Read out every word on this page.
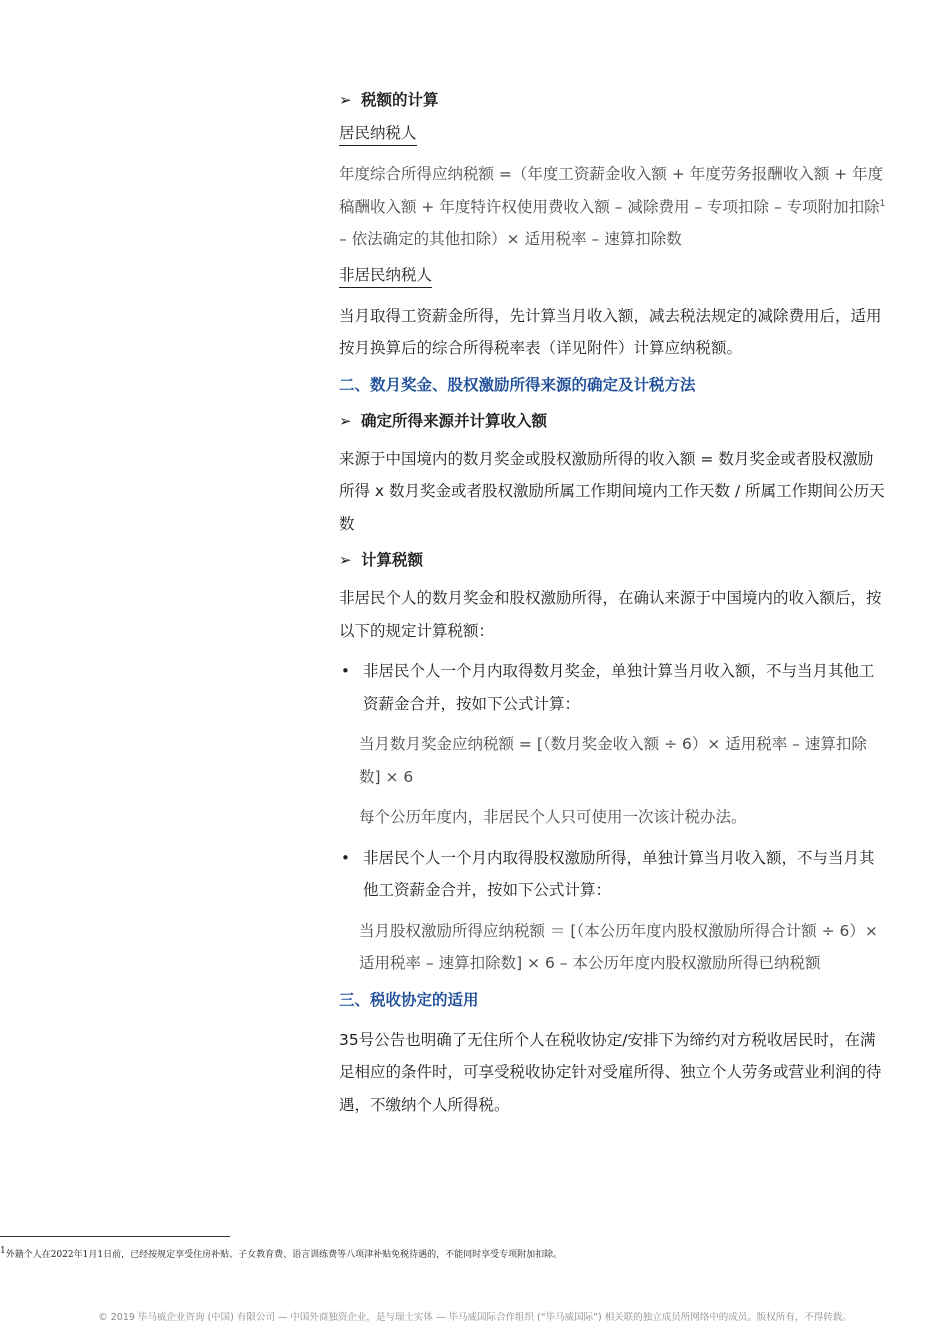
➢ 税额的计算
居民纳税人

年度综合所得应纳税额 =（年度工资薪金收入额 + 年度劳务报酬收入额 + 年度稿酬收入额 + 年度特许权使用费收入额 – 减除费用 – 专项扣除 – 专项附加扣除$^1$ – 依法确定的其他扣除）× 适用税率 – 速算扣除数

非居民纳税人

当月取得工资薪金所得，先计算当月收入额，减去税法规定的减除费用后，适用按月换算后的综合所得税率表（详见附件）计算应纳税额。

二、数月奖金、股权激励所得来源的确定及计税方法
➢ 确定所得来源并计算收入额

来源于中国境内的数月奖金或股权激励所得的收入额 = 数月奖金或者股权激励所得 x 数月奖金或者股权激励所属工作期间境内工作天数 / 所属工作期间公历天数

➢ 计算税额

非居民个人的数月奖金和股权激励所得，在确认来源于中国境内的收入额后，按以下的规定计算税额：

• 非居民个人一个月内取得数月奖金，单独计算当月收入额，不与当月其他工资薪金合并，按如下公式计算：

当月数月奖金应纳税额 = [（数月奖金收入额 ÷ 6）× 适用税率 – 速算扣除数] × 6

每个公历年度内，非居民个人只可使用一次该计税办法。

• 非居民个人一个月内取得股权激励所得，单独计算当月收入额，不与当月其他工资薪金合并，按如下公式计算：

当月股权激励所得应纳税额 ＝ [（本公历年度内股权激励所得合计额 ÷ 6）× 适用税率 – 速算扣除数] × 6 – 本公历年度内股权激励所得已纳税额

三、税收协定的适用

35号公告也明确了无住所个人在税收协定/安排下为缔约对方税收居民时，在满足相应的条件时，可享受税收协定针对受雇所得、独立个人劳务或营业利润的待遇，不缴纳个人所得税。

1外籍个人在2022年1月1日前，已经按规定享受住房补贴、子女教育费、语言训练费等八项津补贴免税待遇的，不能同时享受专项附加扣除。
© 2019 毕马威企业咨询 (中国) 有限公司 — 中国外商独资企业，是与瑞士实体 — 毕马威国际合作组织 (“毕马威国际”) 相关联的独立成员所网络中的成员。版权所有，不得转载。
